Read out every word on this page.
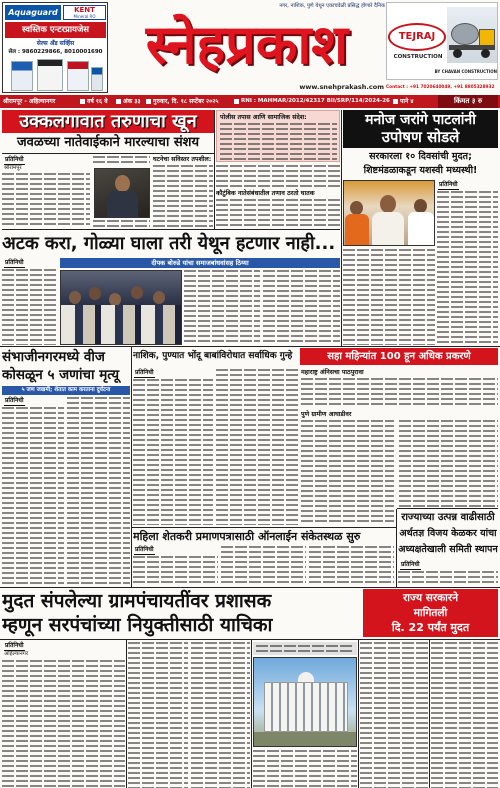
Aquaguard	KENT
Mineral RO
स्वस्तिक एन्टरप्रायजेस
सेल्स अँड सर्व्हिस
सेल : 9860229866, 8010001690
नगर, नाशिक, पुणे येथून एकाचवेळी प्रसिद्ध होणारे दैनिक
स्नेहप्रकाश
www.snehprakash.com
TEJRAJ
CONSTRUCTION
BY CHAVAN CONSTRUCTION
Contact : +91 7020640049, +91 8805328932
श्रीरामपूर - अहिल्यानगर	वर्ष १६ वे	अंक ३३	गुरुवार, दि. १८ सप्टेंबर २०२५	RNI : MAHMAR/2012/42317 BII/SRP/114/2024-26 पाने ४	किंमत ३ रु
उक्कलगावात तरुणाचा खून
जवळच्या नातेवाईकाने मारल्याचा संशय
प्रतिनिधी
श्रीरामपूर
घटनेचा सविस्तर तपशील:
पोलीस तपास आणि सामाजिक संदेश:
कौटुंबिक नातेसंबंधातील तणाव ठरतो घातक
मनोज जरांगे पाटलांनी
उपोषण सोडले
सरकारला १० दिवसांची मुदत;
शिष्टमंडळाकडून यशस्वी मध्यस्थी!
प्रतिनिधी
अटक करा, गोळ्या घाला तरी येथून हटणार नाही...
दीपक बोरुडे यांचा समाजबांधवांसह ठिय्या
प्रतिनिधी
संभाजीनगरमध्ये वीज
कोसळून ५ जणांचा मृत्यू
५ जण जखमी; शेतात काम करताना दुर्घटना
प्रतिनिधी
नाशिक, पुण्यात भोंदू बाबांविरोधात सर्वाधिक गुन्हे	सहा महिन्यांत 100 हून अधिक प्रकरणे
प्रतिनिधी	महाराष्ट्र अंनिसचा पाठपुरावा
पुणे ग्रामीण आघाडीवर
महिला शेतकरी प्रमाणपत्रासाठी ऑनलाईन संकेतस्थळ सुरु
प्रतिनिधी
राज्याच्या उत्पन्न वाढीसाठी
अर्थतज्ञ विजय केळकर यांचा
अध्यक्षतेखाली समिती स्थापन
प्रतिनिधी
मुदत संपलेल्या ग्रामपंचायतींवर प्रशासक
म्हणून सरपंचांच्या नियुक्तीसाठी याचिका
राज्य सरकारने
मागितली
दि. 22 पर्यंत मुदत
प्रतिनिधी
अहिल्यानगर
